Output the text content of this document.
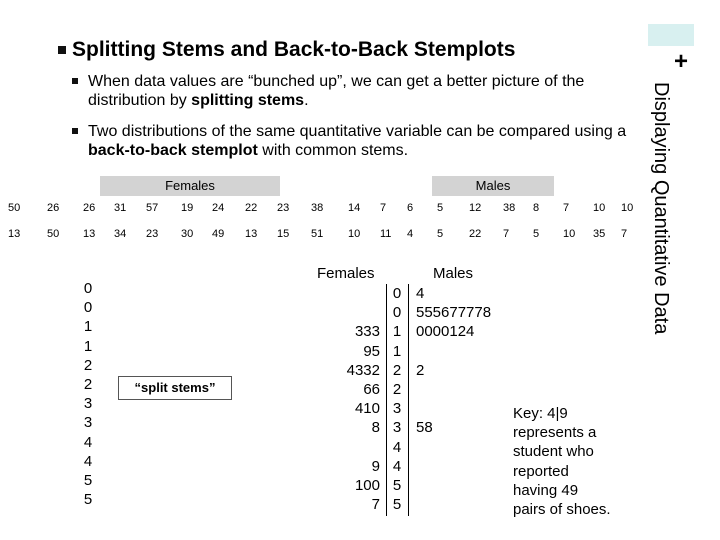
+
Displaying Quantitative Data
Splitting Stems and Back-to-Back Stemplots
When data values are “bunched up”, we can get a better picture of the distribution by splitting stems.
Two distributions of the same quantitative variable can be compared using a back-to-back stemplot with common stems.
Females	Males
50 26 26 31 57 19 24 22 23 38 14 7 6 5 12 38 8 7 10 10
13 50 13 34 23 30 49 13 15 51 10 11 4 5 22 7 5 10 35 7
0
0
1
1
2
2
3
3
4
4
5
5
“split stems”
Females	Males
333
95
4332
66
410
8
9
100
7
0
0
1
1
2
2
3
3
4
4
5
5
4
555677778
0000124
2
58
Key: 4|9
represents a
student who
reported
having 49
pairs of shoes.
